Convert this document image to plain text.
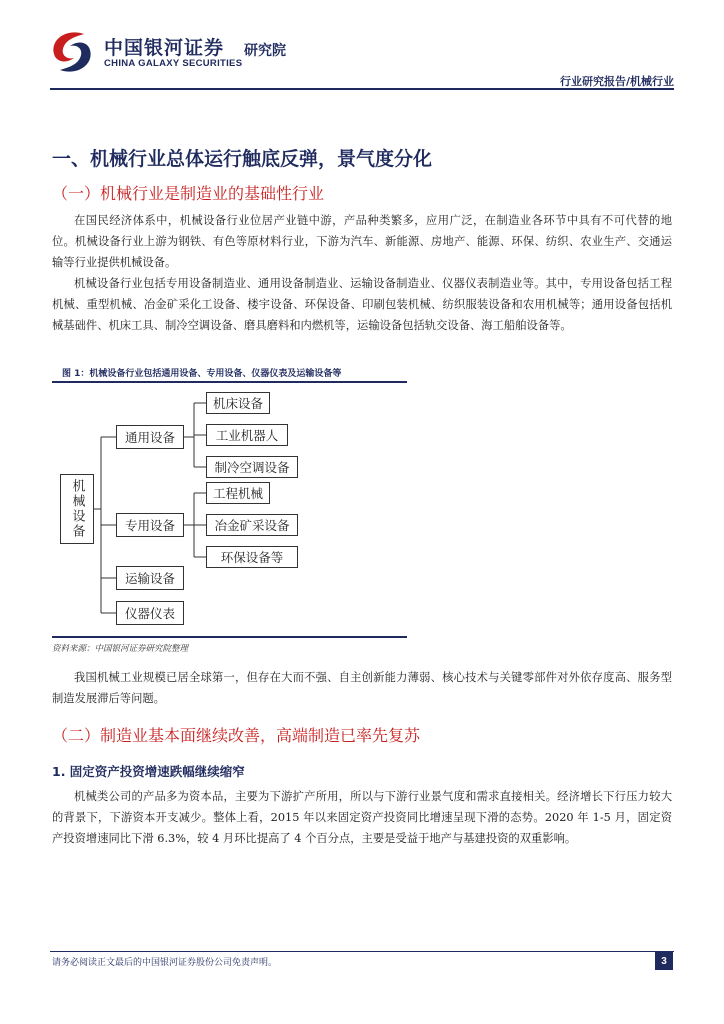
中国银河证券
CHINA GALAXY SECURITIES
研究院
行业研究报告/机械行业
一、机械行业总体运行触底反弹，景气度分化
（一）机械行业是制造业的基础性行业

在国民经济体系中，机械设备行业位居产业链中游，产品种类繁多，应用广泛，在制造业各环节中具有不可代替的地位。机械设备行业上游为钢铁、有色等原材料行业，下游为汽车、新能源、房地产、能源、环保、纺织、农业生产、交通运输等行业提供机械设备。

机械设备行业包括专用设备制造业、通用设备制造业、运输设备制造业、仪器仪表制造业等。其中，专用设备包括工程机械、重型机械、冶金矿采化工设备、楼宇设备、环保设备、印刷包装机械、纺织服装设备和农用机械等；通用设备包括机械基础件、机床工具、制冷空调设备、磨具磨料和内燃机等，运输设备包括轨交设备、海工船舶设备等。

图 1：机械设备行业包括通用设备、专用设备、仪器仪表及运输设备等
机械设备
通用设备
专用设备
运输设备
仪器仪表
机床设备
工业机器人
制冷空调设备
工程机械
冶金矿采设备
环保设备等
资料来源：中国银河证券研究院整理

我国机械工业规模已居全球第一，但存在大而不强、自主创新能力薄弱、核心技术与关键零部件对外依存度高、服务型制造发展滞后等问题。

（二）制造业基本面继续改善，高端制造已率先复苏
1. 固定资产投资增速跌幅继续缩窄

机械类公司的产品多为资本品，主要为下游扩产所用，所以与下游行业景气度和需求直接相关。经济增长下行压力较大的背景下，下游资本开支减少。整体上看，2015 年以来固定资产投资同比增速呈现下滑的态势。2020 年 1-5 月，固定资产投资增速同比下滑 6.3%，较 4 月环比提高了 4 个百分点，主要是受益于地产与基建投资的双重影响。

请务必阅读正文最后的中国银河证券股份公司免责声明。	3
